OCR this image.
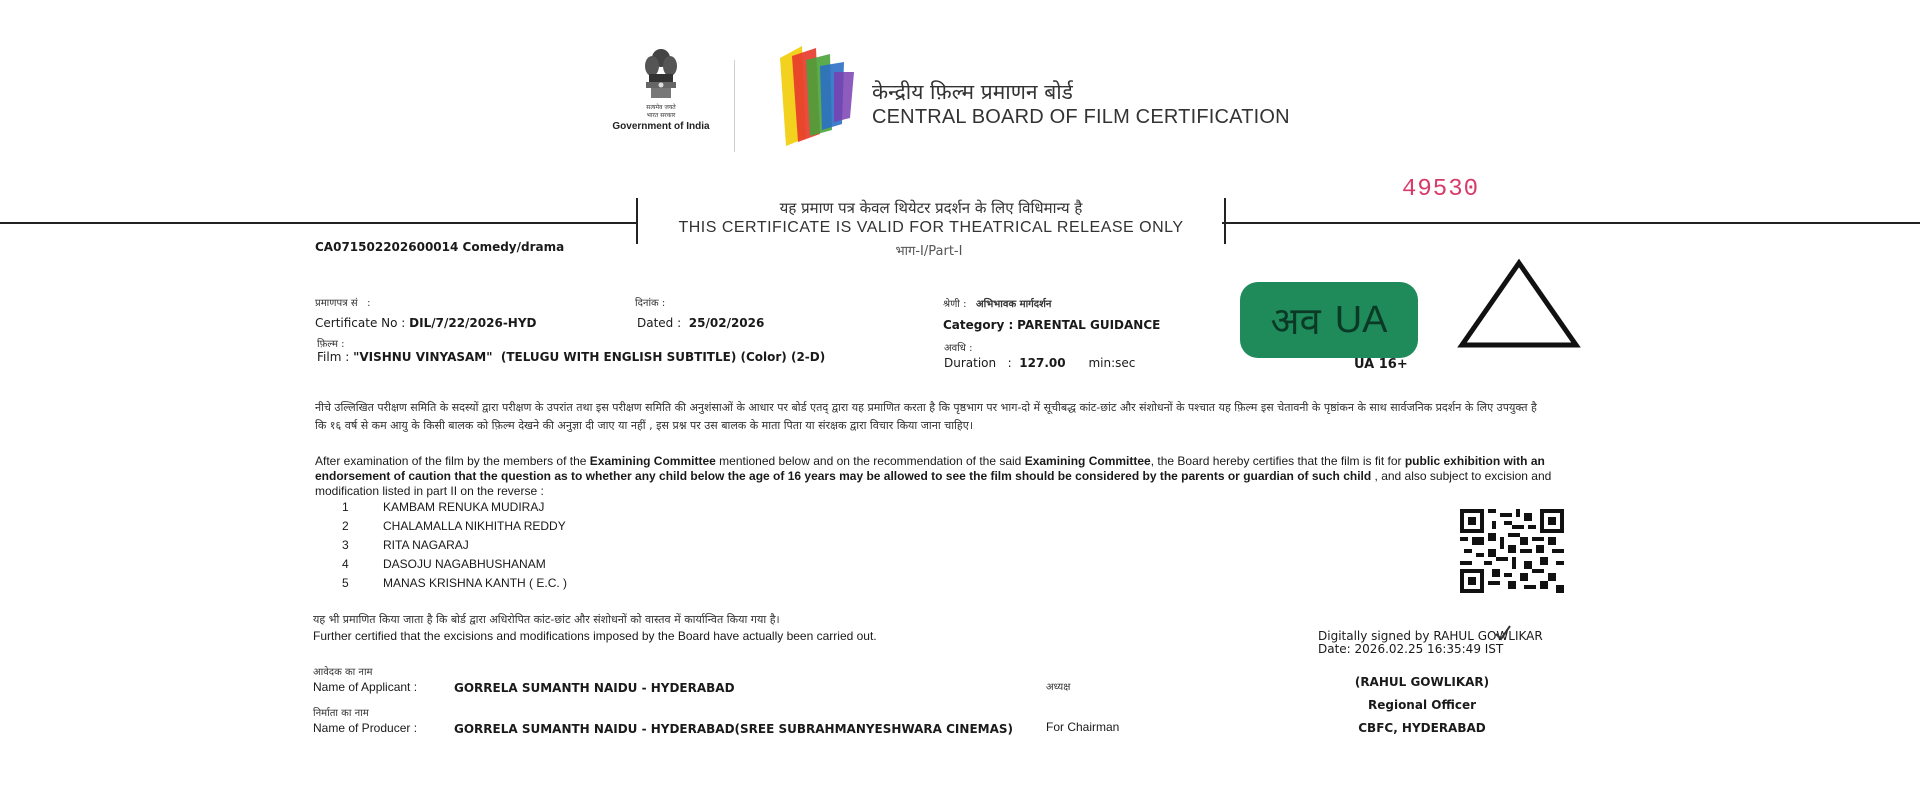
सत्यमेव जयते
भारत सरकार
Government of India
केन्द्रीय फ़िल्म प्रमाणन बोर्ड
CENTRAL BOARD OF FILM CERTIFICATION
49530
यह प्रमाण पत्र केवल थियेटर प्रदर्शन के लिए विधिमान्य है
THIS CERTIFICATE IS VALID FOR THEATRICAL RELEASE ONLY
भाग-I/Part-I
CA071502202600014 Comedy/drama
प्रमाणपत्र सं   :
Certificate No : DIL/7/22/2026-HYD
दिनांक :
Dated : 25/02/2026
श्रेणी : अभिभावक मार्गदर्शन
Category : PARENTAL GUIDANCE
फ़िल्म :
Film : "VISHNU VINYASAM"  (TELUGU WITH ENGLISH SUBTITLE) (Color) (2-D)
अवधि :
Duration : 127.00 min:sec
अव UA
UA 16+
नीचे उल्लिखित परीक्षण समिति के सदस्यों द्वारा परीक्षण के उपरांत तथा इस परीक्षण समिति की अनुशंसाओं के आधार पर बोर्ड एतद् द्वारा यह प्रमाणित करता है कि पृष्ठभाग पर भाग-दो में सूचीबद्ध कांट-छांट और संशोधनों के पश्चात यह फ़िल्म इस चेतावनी के पृष्ठांकन के साथ सार्वजनिक प्रदर्शन के लिए उपयुक्त है कि १६ वर्ष से कम आयु के किसी बालक को फ़िल्म देखने की अनुज्ञा दी जाए या नहीं , इस प्रश्न पर उस बालक के माता पिता या संरक्षक द्वारा विचार किया जाना चाहिए।
After examination of the film by the members of the Examining Committee mentioned below and on the recommendation of the said Examining Committee, the Board hereby certifies that the film is fit for public exhibition with an endorsement of caution that the question as to whether any child below the age of 16 years may be allowed to see the film should be considered by the parents or guardian of such child , and also subject to excision and modification listed in part II on the reverse :
1	KAMBAM RENUKA MUDIRAJ
2	CHALAMALLA NIKHITHA REDDY
3	RITA NAGARAJ
4	DASOJU NAGABHUSHANAM
5	MANAS KRISHNA KANTH ( E.C. )
यह भी प्रमाणित किया जाता है कि बोर्ड द्वारा अधिरोपित कांट-छांट और संशोधनों को वास्तव में कार्यान्वित किया गया है।
Further certified that the excisions and modifications imposed by the Board have actually been carried out.	Digitally signed by RAHUL GOWLIKAR
Date: 2026.02.25 16:35:49 IST
आवेदक का नाम
Name of Applicant :	GORRELA SUMANTH NAIDU - HYDERABAD
निर्माता का नाम
Name of Producer :	GORRELA SUMANTH NAIDU - HYDERABAD(SREE SUBRAHMANYESHWARA CINEMAS)
अध्यक्ष
For Chairman
(RAHUL GOWLIKAR)
Regional Officer
CBFC, HYDERABAD
